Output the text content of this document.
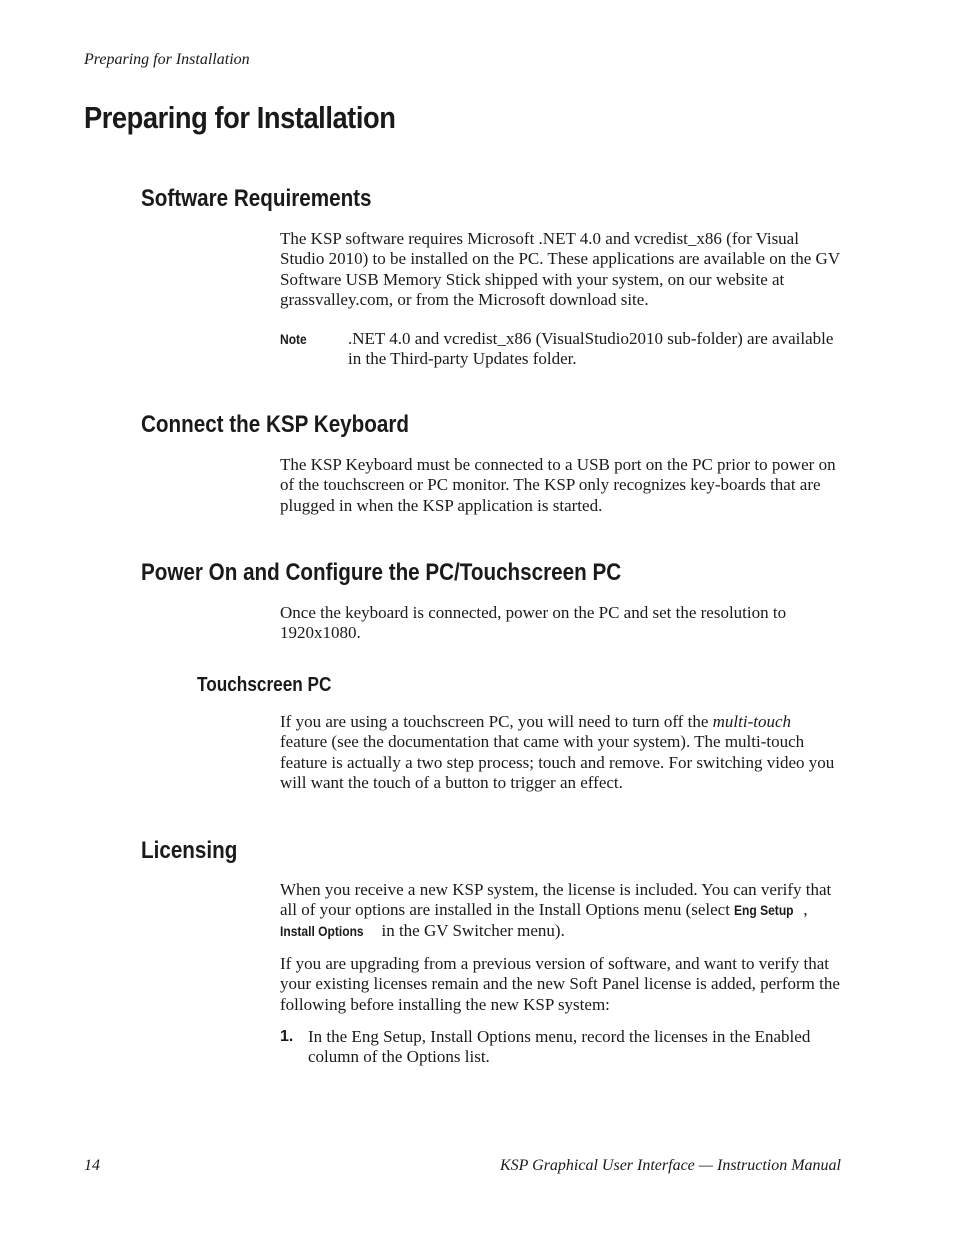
Preparing for Installation
Preparing for Installation
Software Requirements
The KSP software requires Microsoft .NET 4.0 and vcredist_x86 (for Visual Studio 2010) to be installed on the PC. These applications are available on the GV Software USB Memory Stick shipped with your system, on our website at grassvalley.com, or from the Microsoft download site.
Note .NET 4.0 and vcredist_x86 (VisualStudio2010 sub-folder) are available in the Third-party Updates folder.
Connect the KSP Keyboard
The KSP Keyboard must be connected to a USB port on the PC prior to power on of the touchscreen or PC monitor. The KSP only recognizes key-boards that are plugged in when the KSP application is started.
Power On and Configure the PC/Touchscreen PC
Once the keyboard is connected, power on the PC and set the resolution to 1920x1080.
Touchscreen PC
If you are using a touchscreen PC, you will need to turn off the multi-touch feature (see the documentation that came with your system). The multi-touch feature is actually a two step process; touch and remove. For switching video you will want the touch of a button to trigger an effect.
Licensing
When you receive a new KSP system, the license is included. You can verify that all of your options are installed in the Install Options menu (select Eng Setup , Install Options in the GV Switcher menu).
If you are upgrading from a previous version of software, and want to verify that your existing licenses remain and the new Soft Panel license is added, perform the following before installing the new KSP system:
1. In the Eng Setup, Install Options menu, record the licenses in the Enabled column of the Options list.
14	KSP Graphical User Interface — Instruction Manual
